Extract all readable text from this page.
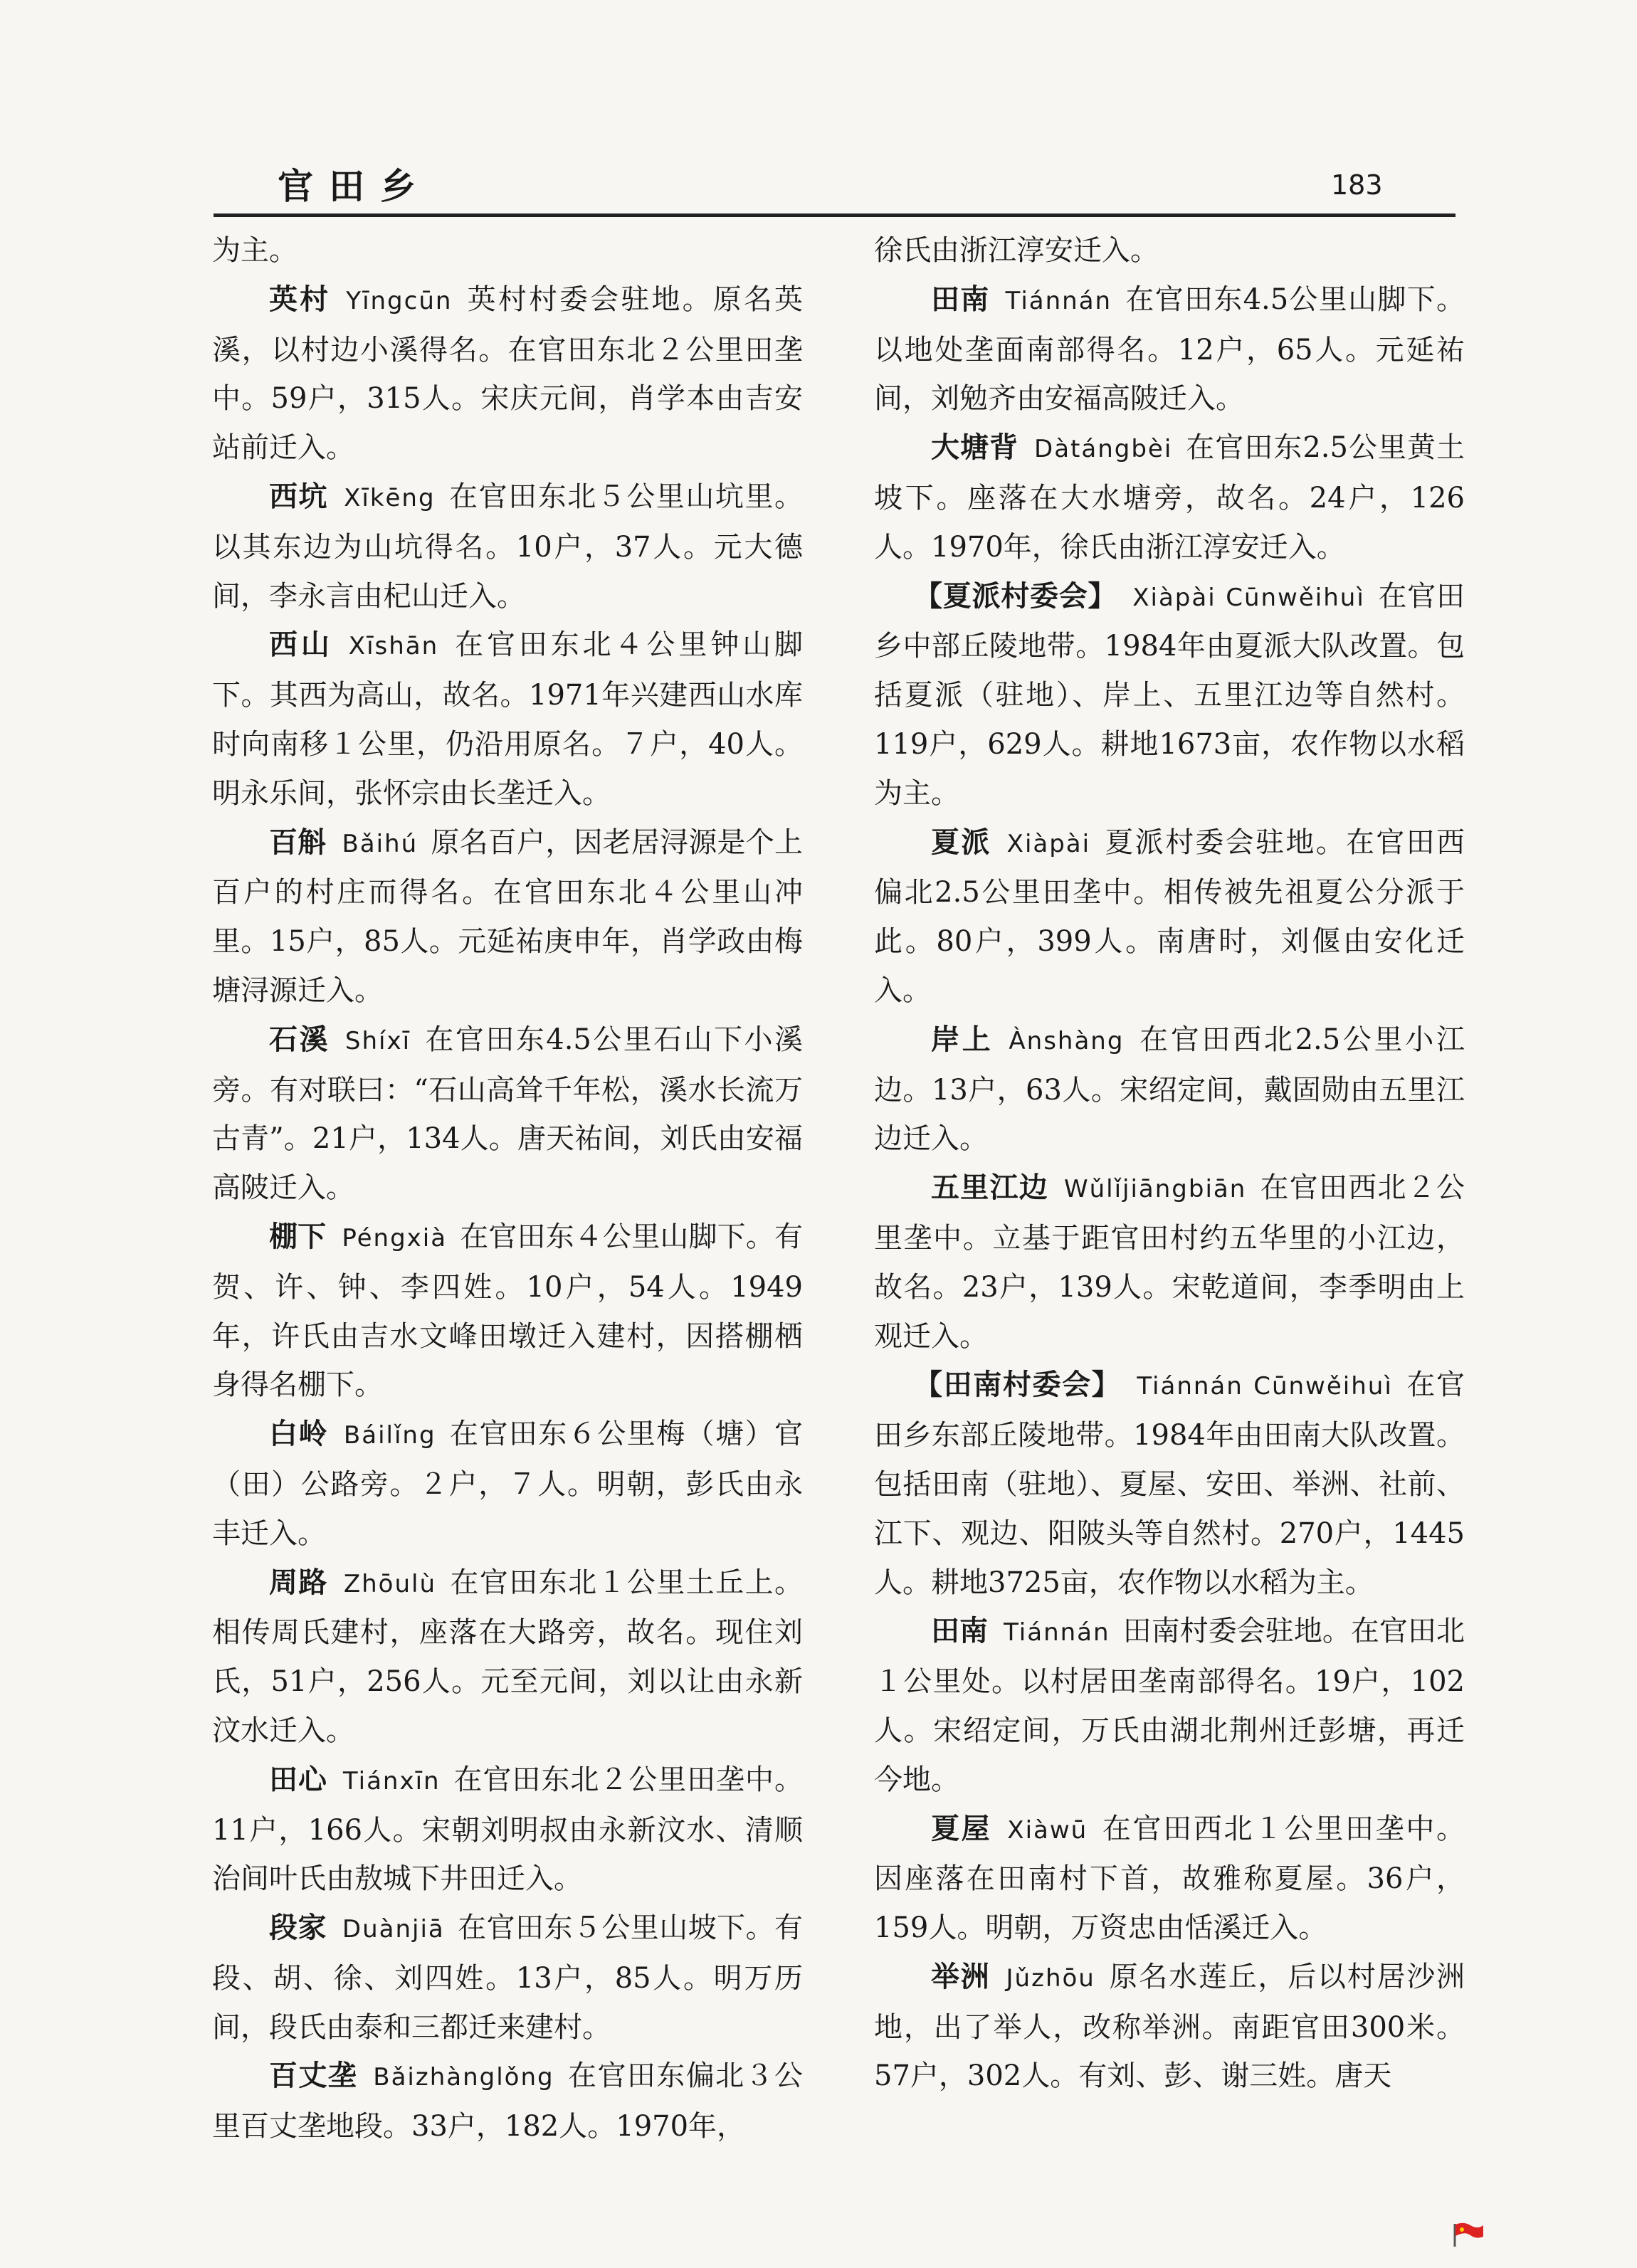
官田乡	183

为主。

英村 Yīngcūn 英村村委会驻地。原名英溪，以村边小溪得名。在官田东北２公里田垄中。59户，315人。宋庆元间，肖学本由吉安站前迁入。

西坑 Xīkēng 在官田东北５公里山坑里。以其东边为山坑得名。10户，37人。元大德间，李永言由杞山迁入。

西山 Xīshān 在官田东北４公里钟山脚下。其西为高山，故名。1971年兴建西山水库时向南移１公里，仍沿用原名。７户，40人。明永乐间，张怀宗由长垄迁入。

百斛 Bǎihú 原名百户，因老居浔源是个上百户的村庄而得名。在官田东北４公里山冲里。15户，85人。元延祐庚申年，肖学政由梅塘浔源迁入。

石溪 Shíxī 在官田东4.5公里石山下小溪旁。有对联曰：“石山高耸千年松，溪水长流万古青”。21户，134人。唐天祐间，刘氏由安福高陂迁入。

棚下 Péngxià 在官田东４公里山脚下。有贺、许、钟、李四姓。10户，54人。1949年，许氏由吉水文峰田墩迁入建村，因搭棚栖身得名棚下。

白岭 Báilǐng 在官田东６公里梅（塘）官（田）公路旁。２户，７人。明朝，彭氏由永丰迁入。

周路 Zhōulù 在官田东北１公里土丘上。相传周氏建村，座落在大路旁，故名。现住刘氏，51户，256人。元至元间，刘以让由永新汶水迁入。

田心 Tiánxīn 在官田东北２公里田垄中。11户，166人。宋朝刘明叔由永新汶水、清顺治间叶氏由敖城下井田迁入。

段家 Duànjiā 在官田东５公里山坡下。有段、胡、徐、刘四姓。13户，85人。明万历间，段氏由泰和三都迁来建村。

百丈垄 Bǎizhànglǒng 在官田东偏北３公里百丈垄地段。33户，182人。1970年，

徐氏由浙江淳安迁入。

田南 Tiánnán 在官田东4.5公里山脚下。以地处垄面南部得名。12户，65人。元延祐间，刘勉齐由安福高陂迁入。

大塘背 Dàtángbèi 在官田东2.5公里黄土坡下。座落在大水塘旁，故名。24户，126人。1970年，徐氏由浙江淳安迁入。

【夏派村委会】 Xiàpài Cūnwěihuì 在官田乡中部丘陵地带。1984年由夏派大队改置。包括夏派（驻地）、岸上、五里江边等自然村。119户，629人。耕地1673亩，农作物以水稻为主。

夏派 Xiàpài 夏派村委会驻地。在官田西偏北2.5公里田垄中。相传被先祖夏公分派于此。80户，399人。南唐时，刘偃由安化迁入。

岸上 Ànshàng 在官田西北2.5公里小江边。13户，63人。宋绍定间，戴固勋由五里江边迁入。

五里江边 Wǔlǐjiāngbiān 在官田西北２公里垄中。立基于距官田村约五华里的小江边，故名。23户，139人。宋乾道间，李季明由上观迁入。

【田南村委会】 Tiánnán Cūnwěihuì 在官田乡东部丘陵地带。1984年由田南大队改置。包括田南（驻地）、夏屋、安田、举洲、社前、江下、观边、阳陂头等自然村。270户，1445人。耕地3725亩，农作物以水稻为主。

田南 Tiánnán 田南村委会驻地。在官田北１公里处。以村居田垄南部得名。19户，102人。宋绍定间，万氏由湖北荆州迁彭塘，再迁今地。

夏屋 Xiàwū 在官田西北１公里田垄中。因座落在田南村下首，故雅称夏屋。36户，159人。明朝，万资忠由恬溪迁入。

举洲 Jǔzhōu 原名水莲丘，后以村居沙洲地，出了举人，改称举洲。南距官田300米。57户，302人。有刘、彭、谢三姓。唐天
